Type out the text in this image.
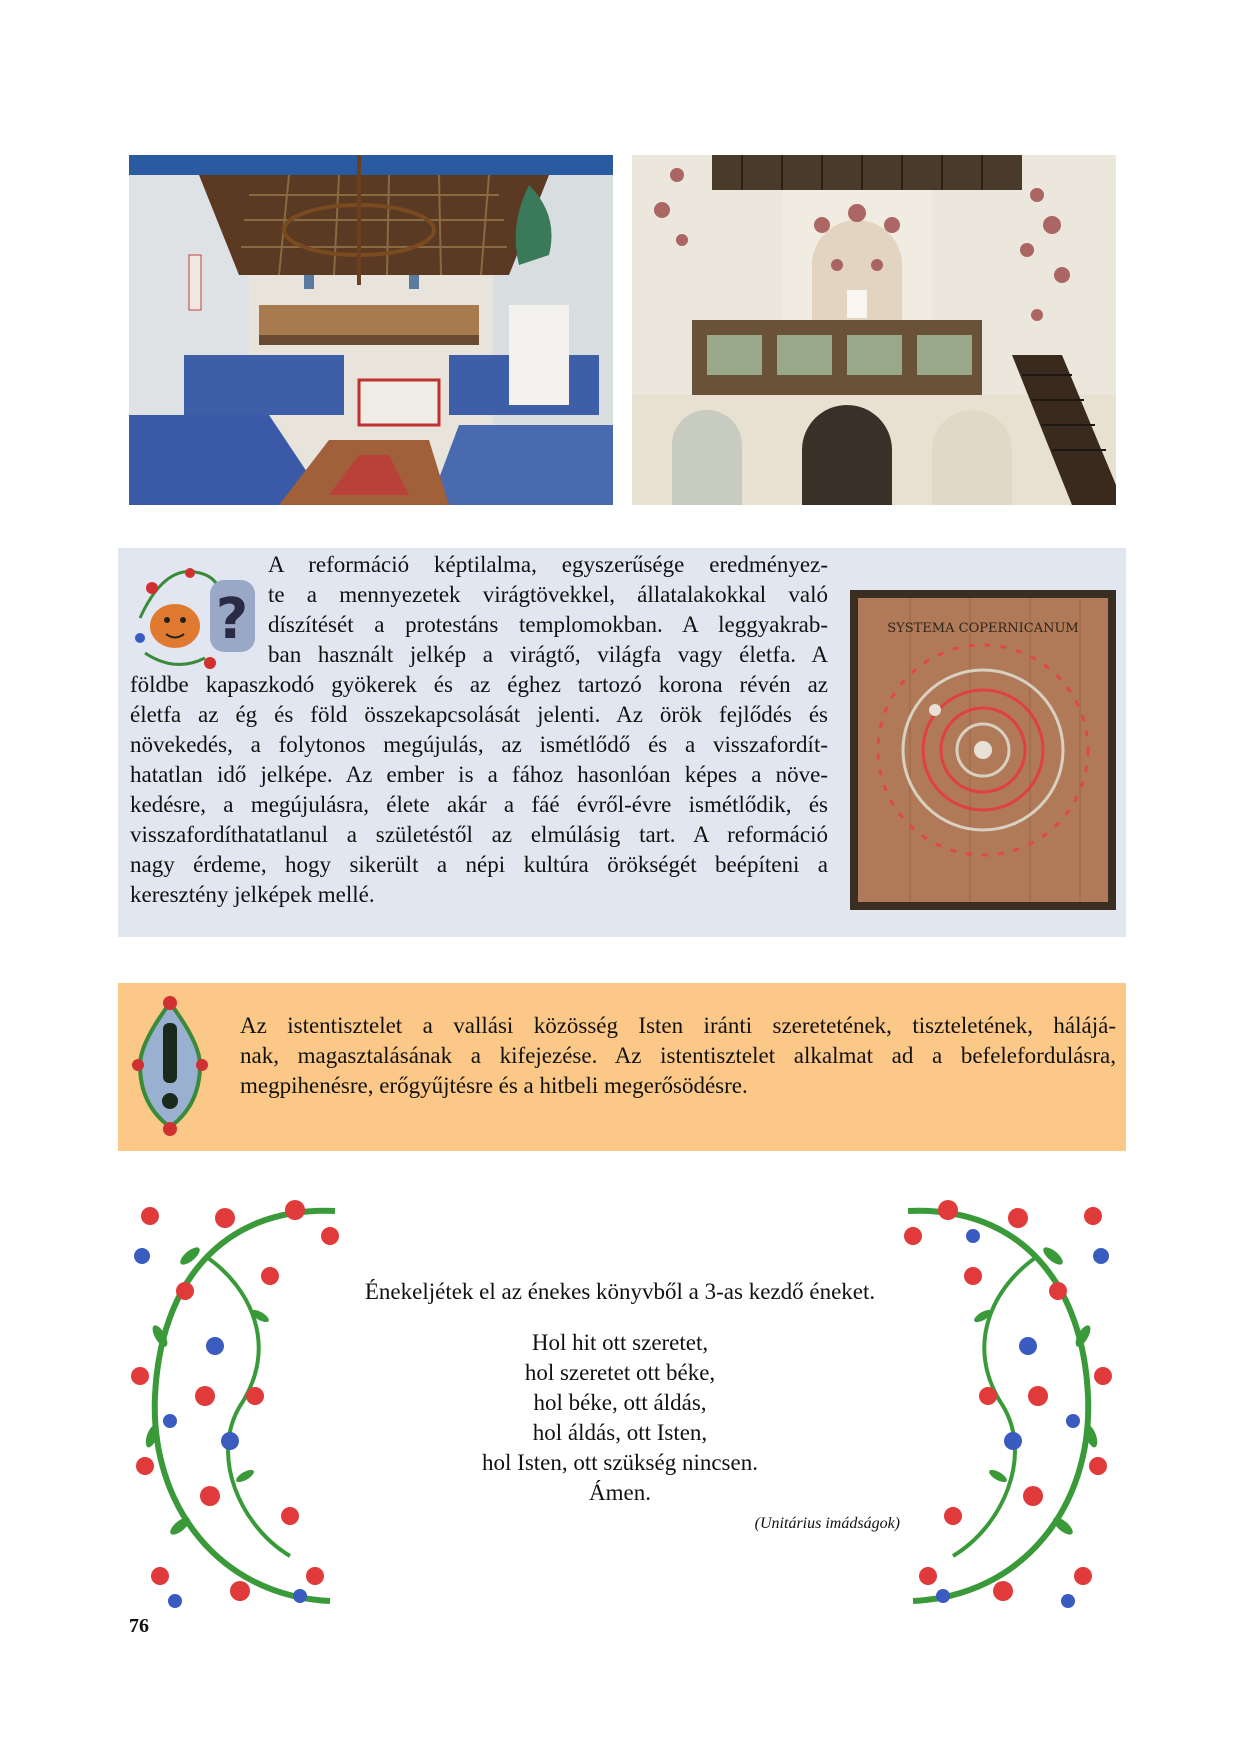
?
A reformáció képtilalma, egyszerűsége eredményez-
te a mennyezetek virágtövekkel, állatalakokkal való
díszítését a protestáns templomokban. A leggyakrab-
ban használt jelkép a virágtő, világfa vagy életfa. A
földbe kapaszkodó gyökerek és az éghez tartozó korona révén az
életfa az ég és föld összekapcsolását jelenti. Az örök fejlődés és
növekedés, a folytonos megújulás, az ismétlődő és a visszafordít-
hatatlan idő jelképe. Az ember is a fához hasonlóan képes a növe-
kedésre, a megújulásra, élete akár a fáé évről-évre ismétlődik, és
visszafordíthatatlanul a születéstől az elmúlásig tart. A reformáció
nagy érdeme, hogy sikerült a népi kultúra örökségét beépíteni a
keresztény jelképek mellé.
SYSTEMA COPERNICANUM
Az istentisztelet a vallási közösség Isten iránti szeretetének, tiszteletének, hálájá-
nak, magasztalásának a kifejezése. Az istentisztelet alkalmat ad a befelefordulásra,
megpihenésre, erőgyűjtésre és a hitbeli megerősödésre.
Énekeljétek el az énekes könyvből a 3-as kezdő éneket.
Hol hit ott szeretet,
hol szeretet ott béke,
hol béke, ott áldás,
hol áldás, ott Isten,
hol Isten, ott szükség nincsen.
Ámen.
(Unitárius imádságok)
76
